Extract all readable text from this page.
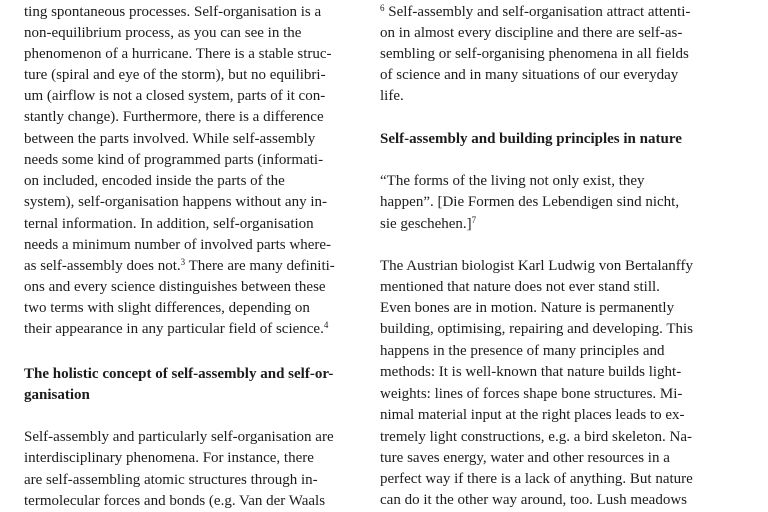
ting spontaneous processes. Self-organisation is a
non-equilibrium process, as you can see in the
phenomenon of a hurricane. There is a stable struc-
ture (spiral and eye of the storm), but no equilibri-
um (airflow is not a closed system, parts of it con-
stantly change). Furthermore, there is a difference
between the parts involved. While self-assembly
needs some kind of programmed parts (informati-
on included, encoded inside the parts of the
system), self-organisation happens without any in-
ternal information. In addition, self-organisation
needs a minimum number of involved parts where-
as self-assembly does not.$^3$ There are many definiti-
ons and every science distinguishes between these
two terms with slight differences, depending on
their appearance in any particular field of science.$^4$
The holistic concept of self-assembly and self-or-
ganisation
Self-assembly and particularly self-organisation are
interdisciplinary phenomena. For instance, there
are self-assembling atomic structures through in-
termolecular forces and bonds (e.g. Van der Waals
$^6$ Self-assembly and self-organisation attract attenti-
on in almost every discipline and there are self-as-
sembling or self-organising phenomena in all fields
of science and in many situations of our everyday
life.
Self-assembly and building principles in nature
“The forms of the living not only exist, they
happen”. [Die Formen des Lebendigen sind nicht,
sie geschehen.]$^7$
The Austrian biologist Karl Ludwig von Bertalanffy
mentioned that nature does not ever stand still.
Even bones are in motion. Nature is permanently
building, optimising, repairing and developing. This
happens in the presence of many principles and
methods: It is well-known that nature builds light-
weights: lines of forces shape bone structures. Mi-
nimal material input at the right places leads to ex-
tremely light constructions, e.g. a bird skeleton. Na-
ture saves energy, water and other resources in a
perfect way if there is a lack of anything. But nature
can do it the other way around, too. Lush meadows
